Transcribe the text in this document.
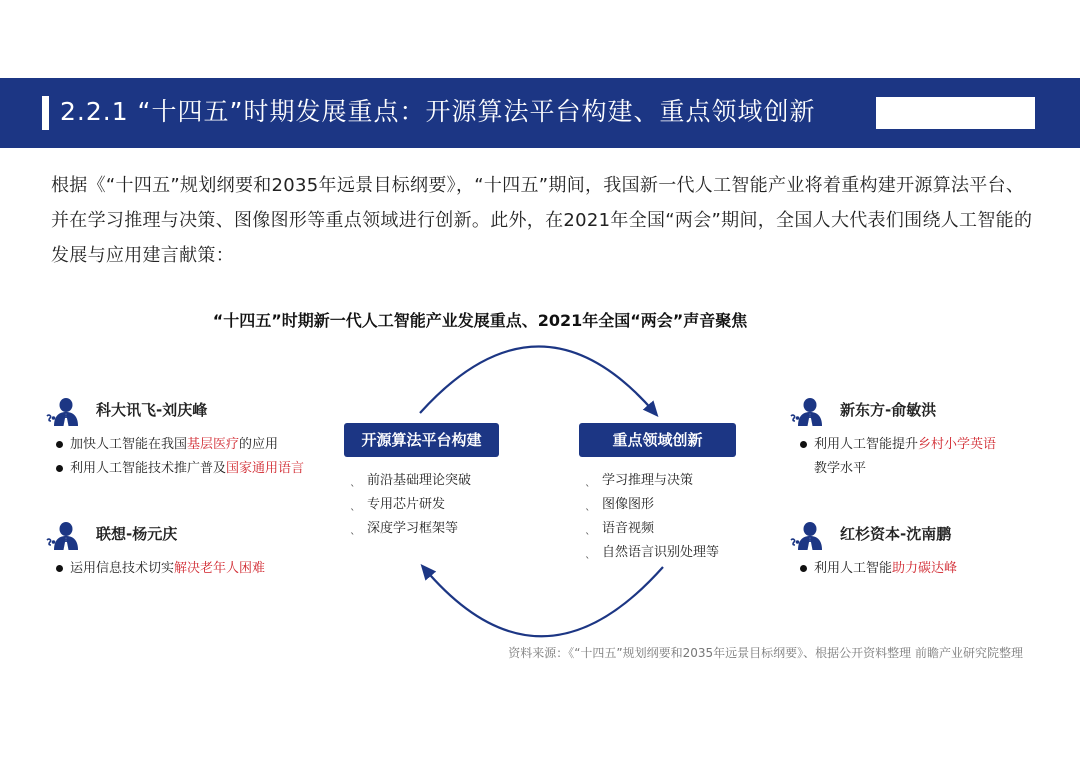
2.2.1 “十四五”时期发展重点：开源算法平台构建、重点领域创新
根据《“十四五”规划纲要和2035年远景目标纲要》，“十四五”期间，我国新一代人工智能产业将着重构建开源算法平台、并在学习推理与决策、图像图形等重点领域进行创新。此外，在2021年全国“两会”期间，全国人大代表们围绕人工智能的发展与应用建言献策：
“十四五”时期新一代人工智能产业发展重点、2021年全国“两会”声音聚焦
科大讯飞-刘庆峰
加快人工智能在我国基层医疗的应用
利用人工智能技术推广普及国家通用语言
联想-杨元庆
运用信息技术切实解决老年人困难
新东方-俞敏洪
利用人工智能提升乡村小学英语
教学水平
红杉资本-沈南鹏
利用人工智能助力碳达峰
开源算法平台构建
ˎ 前沿基础理论突破
ˎ 专用芯片研发
ˎ 深度学习框架等
重点领域创新
ˎ 学习推理与决策
ˎ 图像图形
ˎ 语音视频
ˎ 自然语言识别处理等
资料来源：《“十四五”规划纲要和2035年远景目标纲要》、根据公开资料整理 前瞻产业研究院整理
